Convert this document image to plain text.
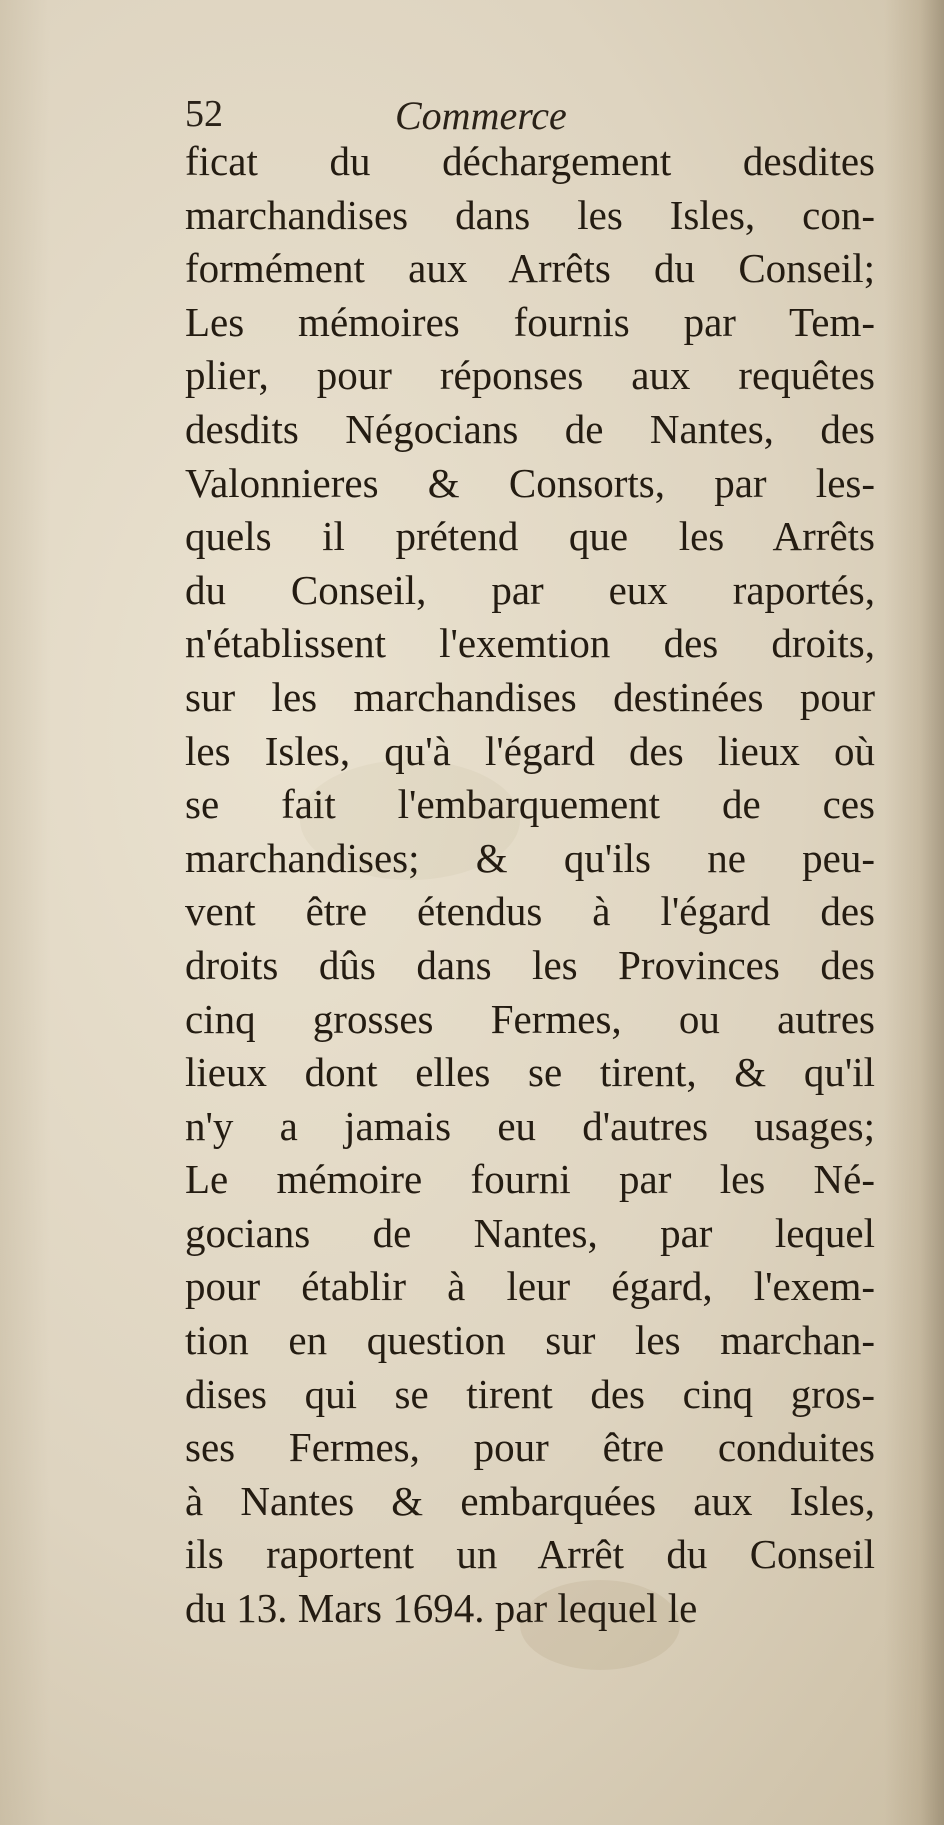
52	Commerce
ficat du déchargement desdites
marchandises dans les Isles, con-
formément aux Arrêts du Conseil;
Les mémoires fournis par Tem-
plier, pour réponses aux requêtes
desdits Négocians de Nantes, des
Valonnieres & Consorts, par les-
quels il prétend que les Arrêts
du Conseil, par eux raportés,
n'établissent l'exemtion des droits,
sur les marchandises destinées pour
les Isles, qu'à l'égard des lieux où
se fait l'embarquement de ces
marchandises; & qu'ils ne peu-
vent être étendus à l'égard des
droits dûs dans les Provinces des
cinq grosses Fermes, ou autres
lieux dont elles se tirent, & qu'il
n'y a jamais eu d'autres usages;
Le mémoire fourni par les Né-
gocians de Nantes, par lequel
pour établir à leur égard, l'exem-
tion en question sur les marchan-
dises qui se tirent des cinq gros-
ses Fermes, pour être conduites
à Nantes & embarquées aux Isles,
ils raportent un Arrêt du Conseil
du 13. Mars 1694. par lequel le
